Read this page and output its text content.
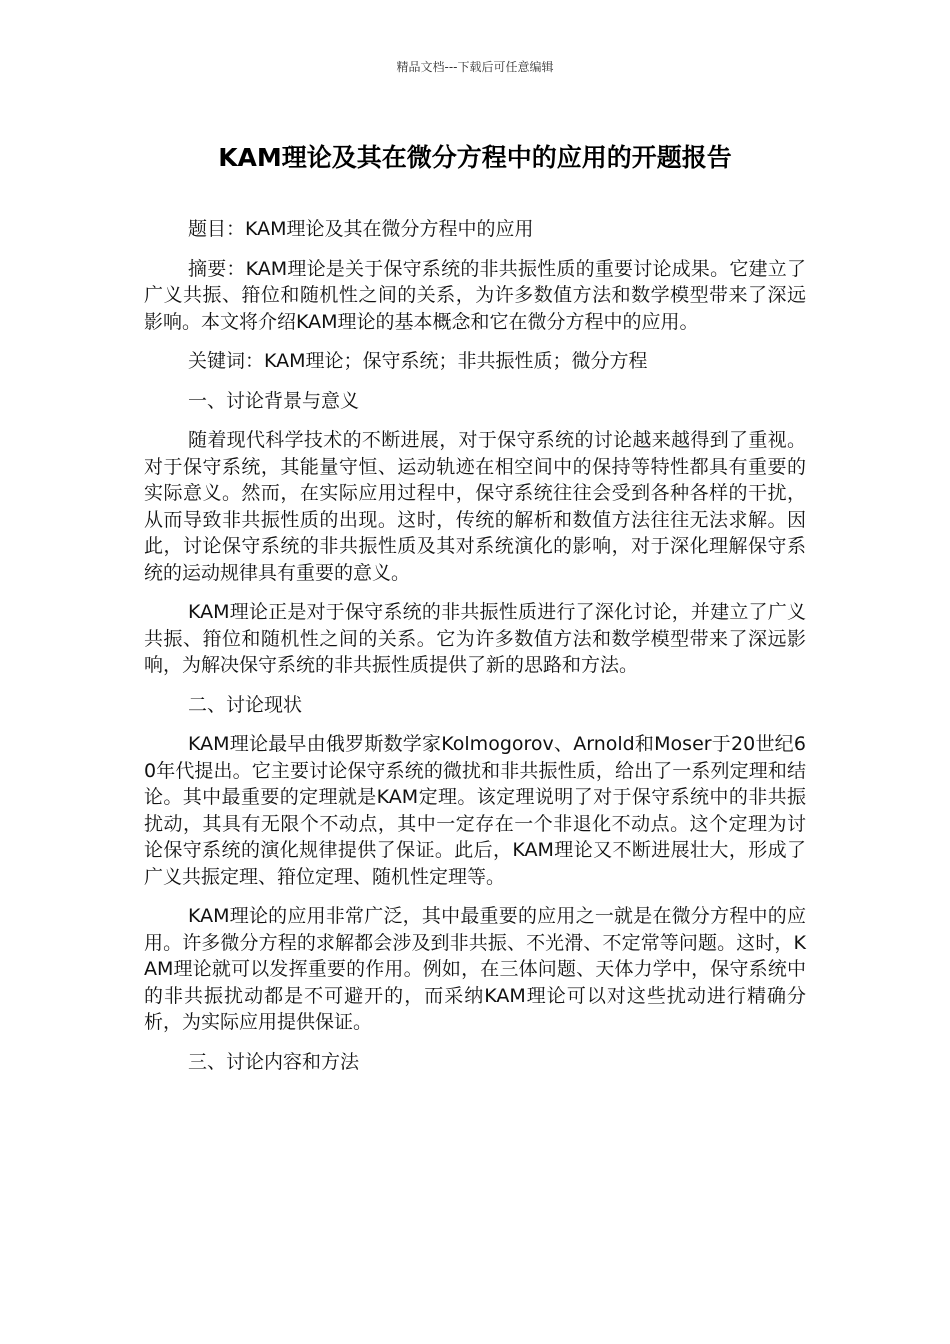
精品文档---下载后可任意编辑
KAM理论及其在微分方程中的应用的开题报告

题目：KAM理论及其在微分方程中的应用

摘要：KAM理论是关于保守系统的非共振性质的重要讨论成果。它建立了广义共振、箝位和随机性之间的关系，为许多数值方法和数学模型带来了深远影响。本文将介绍KAM理论的基本概念和它在微分方程中的应用。

关键词：KAM理论；保守系统；非共振性质；微分方程

一、讨论背景与意义

随着现代科学技术的不断进展，对于保守系统的讨论越来越得到了重视。对于保守系统，其能量守恒、运动轨迹在相空间中的保持等特性都具有重要的实际意义。然而，在实际应用过程中，保守系统往往会受到各种各样的干扰，从而导致非共振性质的出现。这时，传统的解析和数值方法往往无法求解。因此，讨论保守系统的非共振性质及其对系统演化的影响，对于深化理解保守系统的运动规律具有重要的意义。

KAM理论正是对于保守系统的非共振性质进行了深化讨论，并建立了广义共振、箝位和随机性之间的关系。它为许多数值方法和数学模型带来了深远影响，为解决保守系统的非共振性质提供了新的思路和方法。

二、讨论现状

KAM理论最早由俄罗斯数学家Kolmogorov、Arnold和Moser于20世纪60年代提出。它主要讨论保守系统的微扰和非共振性质，给出了一系列定理和结论。其中最重要的定理就是KAM定理。该定理说明了对于保守系统中的非共振扰动，其具有无限个不动点，其中一定存在一个非退化不动点。这个定理为讨论保守系统的演化规律提供了保证。此后，KAM理论又不断进展壮大，形成了广义共振定理、箝位定理、随机性定理等。

KAM理论的应用非常广泛，其中最重要的应用之一就是在微分方程中的应用。许多微分方程的求解都会涉及到非共振、不光滑、不定常等问题。这时，KAM理论就可以发挥重要的作用。例如，在三体问题、天体力学中，保守系统中的非共振扰动都是不可避开的，而采纳KAM理论可以对这些扰动进行精确分析，为实际应用提供保证。

三、讨论内容和方法
